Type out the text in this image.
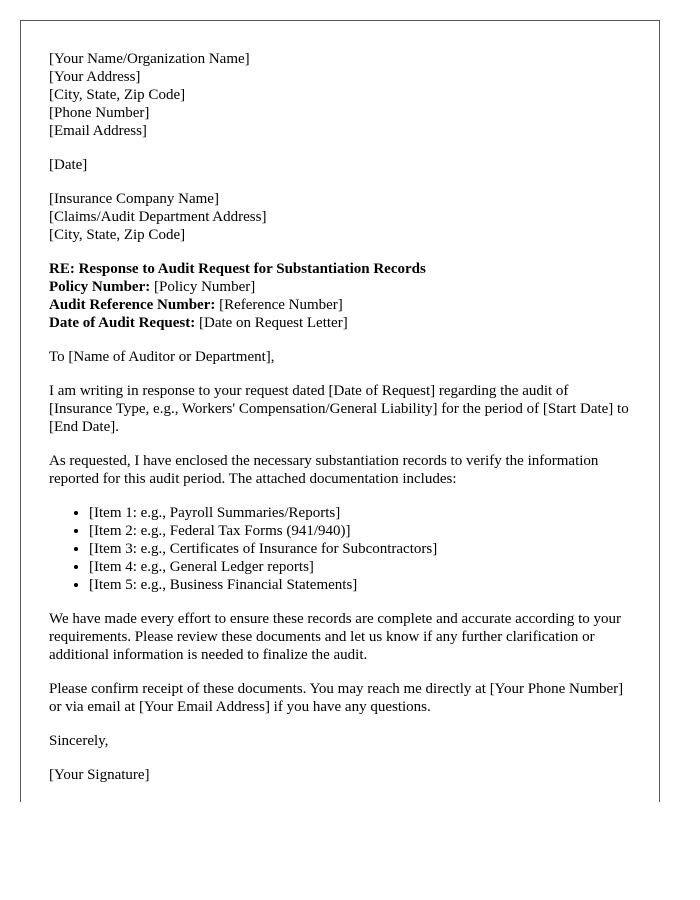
[Your Name/Organization Name]
[Your Address]
[City, State, Zip Code]
[Phone Number]
[Email Address]
[Date]
[Insurance Company Name]
[Claims/Audit Department Address]
[City, State, Zip Code]
RE: Response to Audit Request for Substantiation Records
Policy Number: [Policy Number]
Audit Reference Number: [Reference Number]
Date of Audit Request: [Date on Request Letter]

To [Name of Auditor or Department],

I am writing in response to your request dated [Date of Request] regarding the audit of [Insurance Type, e.g., Workers' Compensation/General Liability] for the period of [Start Date] to [End Date].

As requested, I have enclosed the necessary substantiation records to verify the information reported for this audit period. The attached documentation includes:

• [Item 1: e.g., Payroll Summaries/Reports]
• [Item 2: e.g., Federal Tax Forms (941/940)]
• [Item 3: e.g., Certificates of Insurance for Subcontractors]
• [Item 4: e.g., General Ledger reports]
• [Item 5: e.g., Business Financial Statements]

We have made every effort to ensure these records are complete and accurate according to your requirements. Please review these documents and let us know if any further clarification or additional information is needed to finalize the audit.

Please confirm receipt of these documents. You may reach me directly at [Your Phone Number] or via email at [Your Email Address] if you have any questions.

Sincerely,

[Your Signature]
